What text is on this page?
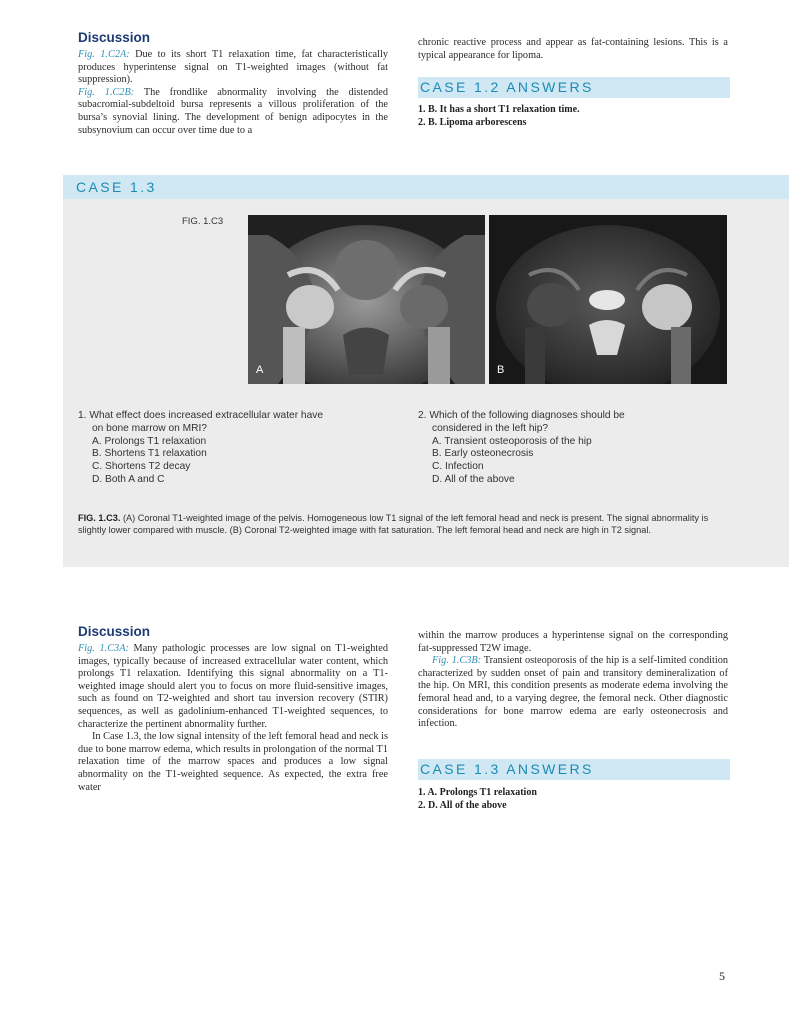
Discussion

Fig. 1.C2A: Due to its short T1 relaxation time, fat characteristically produces hyperintense signal on T1-weighted images (without fat suppression).

Fig. 1.C2B: The frondlike abnormality involving the distended subacromial-subdeltoid bursa represents a villous proliferation of the bursa’s synovial lining. The development of benign adipocytes in the subsynovium can occur over time due to a

chronic reactive process and appear as fat-containing lesions. This is a typical appearance for lipoma.
CASE 1.2 ANSWERS
1. B. It has a short T1 relaxation time.
2. B. Lipoma arborescens
CASE 1.3
FIG. 1.C3
A	B
1. What effect does increased extracellular water have
on bone marrow on MRI?
A. Prolongs T1 relaxation
B. Shortens T1 relaxation
C. Shortens T2 decay
D. Both A and C
2. Which of the following diagnoses should be
considered in the left hip?
A. Transient osteoporosis of the hip
B. Early osteonecrosis
C. Infection
D. All of the above
FIG. 1.C3. (A) Coronal T1-weighted image of the pelvis. Homogeneous low T1 signal of the left femoral head and neck is present. The signal abnormality is slightly lower compared with muscle. (B) Coronal T2-weighted image with fat saturation. The left femoral head and neck are high in T2 signal.
Discussion

Fig. 1.C3A: Many pathologic processes are low signal on T1-weighted images, typically because of increased extracellular water content, which prolongs T1 relaxation. Identifying this signal abnormality on a T1-weighted image should alert you to focus on more fluid-sensitive images, such as found on T2-weighted and short tau inversion recovery (STIR) sequences, as well as gadolinium-enhanced T1-weighted sequences, to characterize the pertinent abnormality further.

In Case 1.3, the low signal intensity of the left femoral head and neck is due to bone marrow edema, which results in prolongation of the normal T1 relaxation time of the marrow spaces and produces a low signal abnormality on the T1-weighted sequence. As expected, the extra free water

within the marrow produces a hyperintense signal on the corresponding fat-suppressed T2W image.

Fig. 1.C3B: Transient osteoporosis of the hip is a self-limited condition characterized by sudden onset of pain and transitory demineralization of the hip. On MRI, this condition presents as moderate edema involving the femoral head and, to a varying degree, the femoral neck. Other diagnostic considerations for bone marrow edema are early osteonecrosis and infection.

CASE 1.3 ANSWERS
1. A. Prolongs T1 relaxation
2. D. All of the above
5
